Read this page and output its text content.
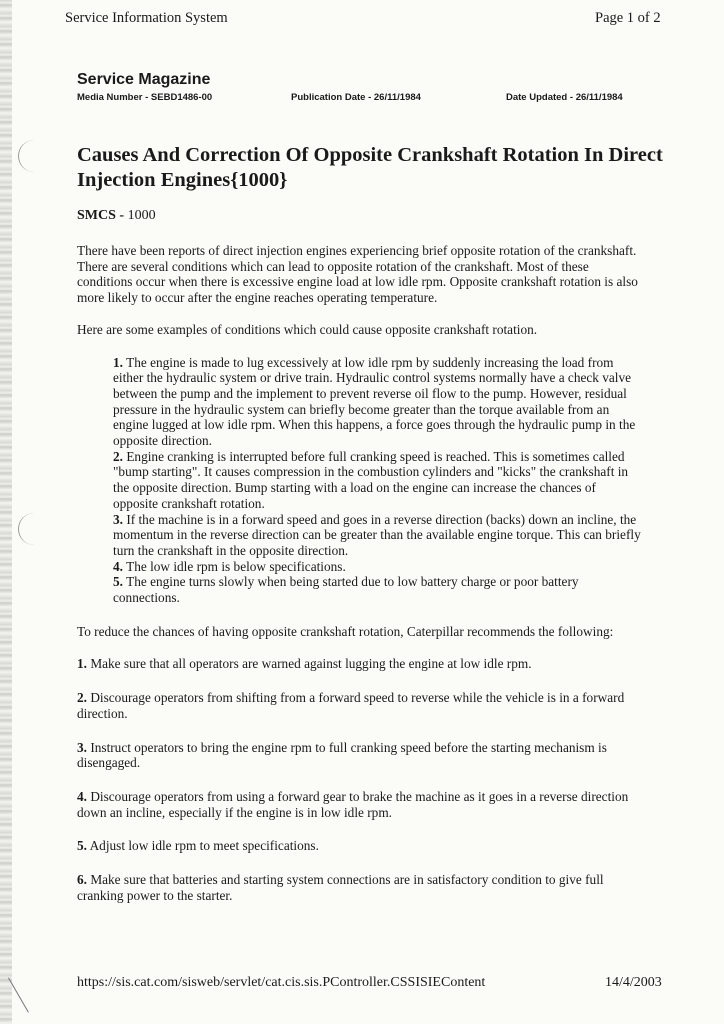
Service Information System	Page 1 of 2
Service Magazine
Media Number - SEBD1486-00	Publication Date - 26/11/1984	Date Updated - 26/11/1984
Causes And Correction Of Opposite Crankshaft Rotation In Direct Injection Engines{1000}
SMCS - 1000

There have been reports of direct injection engines experiencing brief opposite rotation of the crankshaft. There are several conditions which can lead to opposite rotation of the crankshaft. Most of these conditions occur when there is excessive engine load at low idle rpm. Opposite crankshaft rotation is also more likely to occur after the engine reaches operating temperature.

Here are some examples of conditions which could cause opposite crankshaft rotation.

1. The engine is made to lug excessively at low idle rpm by suddenly increasing the load from either the hydraulic system or drive train. Hydraulic control systems normally have a check valve between the pump and the implement to prevent reverse oil flow to the pump. However, residual pressure in the hydraulic system can briefly become greater than the torque available from an engine lugged at low idle rpm. When this happens, a force goes through the hydraulic pump in the opposite direction.
2. Engine cranking is interrupted before full cranking speed is reached. This is sometimes called "bump starting". It causes compression in the combustion cylinders and "kicks" the crankshaft in the opposite direction. Bump starting with a load on the engine can increase the chances of opposite crankshaft rotation.
3. If the machine is in a forward speed and goes in a reverse direction (backs) down an incline, the momentum in the reverse direction can be greater than the available engine torque. This can briefly turn the crankshaft in the opposite direction.
4. The low idle rpm is below specifications.
5. The engine turns slowly when being started due to low battery charge or poor battery connections.

To reduce the chances of having opposite crankshaft rotation, Caterpillar recommends the following:

1. Make sure that all operators are warned against lugging the engine at low idle rpm.

2. Discourage operators from shifting from a forward speed to reverse while the vehicle is in a forward direction.

3. Instruct operators to bring the engine rpm to full cranking speed before the starting mechanism is disengaged.

4. Discourage operators from using a forward gear to brake the machine as it goes in a reverse direction down an incline, especially if the engine is in low idle rpm.

5. Adjust low idle rpm to meet specifications.

6. Make sure that batteries and starting system connections are in satisfactory condition to give full cranking power to the starter.

https://sis.cat.com/sisweb/servlet/cat.cis.sis.PController.CSSISIEContent	14/4/2003
